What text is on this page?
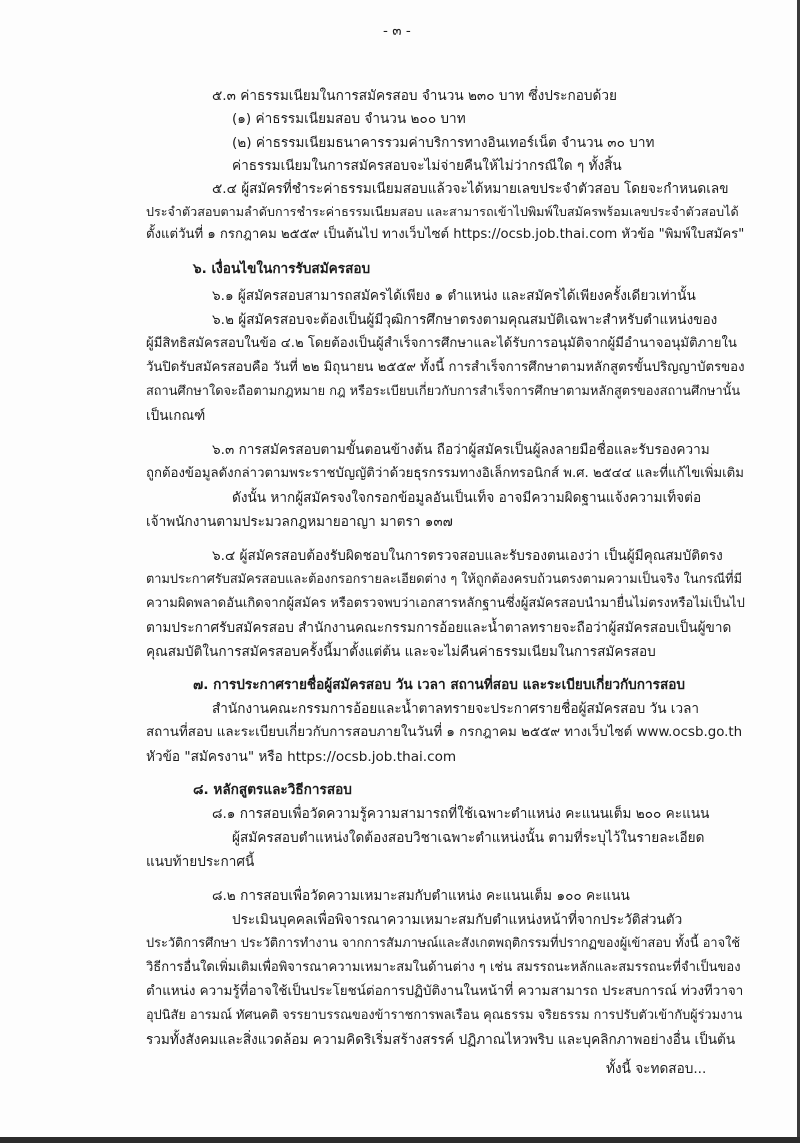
- ๓ -
๕.๓ ค่าธรรมเนียมในการสมัครสอบ จำนวน ๒๓๐ บาท ซึ่งประกอบด้วย
(๑) ค่าธรรมเนียมสอบ จำนวน ๒๐๐ บาท
(๒) ค่าธรรมเนียมธนาคารรวมค่าบริการทางอินเทอร์เน็ต จำนวน ๓๐ บาท
ค่าธรรมเนียมในการสมัครสอบจะไม่จ่ายคืนให้ไม่ว่ากรณีใด ๆ ทั้งสิ้น
๕.๔ ผู้สมัครที่ชำระค่าธรรมเนียมสอบแล้วจะได้หมายเลขประจำตัวสอบ โดยจะกำหนดเลข
ประจำตัวสอบตามลำดับการชำระค่าธรรมเนียมสอบ และสามารถเข้าไปพิมพ์ใบสมัครพร้อมเลขประจำตัวสอบได้
ตั้งแต่วันที่ ๑ กรกฎาคม ๒๕๕๙ เป็นต้นไป ทางเว็บไซต์ https://ocsb.job.thai.com หัวข้อ "พิมพ์ใบสมัคร"
๖. เงื่อนไขในการรับสมัครสอบ
๖.๑ ผู้สมัครสอบสามารถสมัครได้เพียง ๑ ตำแหน่ง และสมัครได้เพียงครั้งเดียวเท่านั้น
๖.๒ ผู้สมัครสอบจะต้องเป็นผู้มีวุฒิการศึกษาตรงตามคุณสมบัติเฉพาะสำหรับตำแหน่งของ
ผู้มีสิทธิสมัครสอบในข้อ ๔.๒ โดยต้องเป็นผู้สำเร็จการศึกษาและได้รับการอนุมัติจากผู้มีอำนาจอนุมัติภายใน
วันปิดรับสมัครสอบคือ วันที่ ๒๒ มิถุนายน ๒๕๕๙ ทั้งนี้ การสำเร็จการศึกษาตามหลักสูตรขั้นปริญญาบัตรของ
สถานศึกษาใดจะถือตามกฎหมาย กฎ หรือระเบียบเกี่ยวกับการสำเร็จการศึกษาตามหลักสูตรของสถานศึกษานั้น
เป็นเกณฑ์
๖.๓ การสมัครสอบตามขั้นตอนข้างต้น ถือว่าผู้สมัครเป็นผู้ลงลายมือชื่อและรับรองความ
ถูกต้องข้อมูลดังกล่าวตามพระราชบัญญัติว่าด้วยธุรกรรมทางอิเล็กทรอนิกส์ พ.ศ. ๒๕๔๔ และที่แก้ไขเพิ่มเติม
ดังนั้น หากผู้สมัครจงใจกรอกข้อมูลอันเป็นเท็จ อาจมีความผิดฐานแจ้งความเท็จต่อ
เจ้าพนักงานตามประมวลกฎหมายอาญา มาตรา ๑๓๗
๖.๔ ผู้สมัครสอบต้องรับผิดชอบในการตรวจสอบและรับรองตนเองว่า เป็นผู้มีคุณสมบัติตรง
ตามประกาศรับสมัครสอบและต้องกรอกรายละเอียดต่าง ๆ ให้ถูกต้องครบถ้วนตรงตามความเป็นจริง ในกรณีที่มี
ความผิดพลาดอันเกิดจากผู้สมัคร หรือตรวจพบว่าเอกสารหลักฐานซึ่งผู้สมัครสอบนำมายื่นไม่ตรงหรือไม่เป็นไป
ตามประกาศรับสมัครสอบ สำนักงานคณะกรรมการอ้อยและน้ำตาลทรายจะถือว่าผู้สมัครสอบเป็นผู้ขาด
คุณสมบัติในการสมัครสอบครั้งนี้มาตั้งแต่ต้น และจะไม่คืนค่าธรรมเนียมในการสมัครสอบ
๗. การประกาศรายชื่อผู้สมัครสอบ วัน เวลา สถานที่สอบ และระเบียบเกี่ยวกับการสอบ
สำนักงานคณะกรรมการอ้อยและน้ำตาลทรายจะประกาศรายชื่อผู้สมัครสอบ วัน เวลา
สถานที่สอบ และระเบียบเกี่ยวกับการสอบภายในวันที่ ๑ กรกฎาคม ๒๕๕๙ ทางเว็บไซต์ www.ocsb.go.th
หัวข้อ "สมัครงาน" หรือ https://ocsb.job.thai.com
๘. หลักสูตรและวิธีการสอบ
๘.๑ การสอบเพื่อวัดความรู้ความสามารถที่ใช้เฉพาะตำแหน่ง คะแนนเต็ม ๒๐๐ คะแนน
ผู้สมัครสอบตำแหน่งใดต้องสอบวิชาเฉพาะตำแหน่งนั้น ตามที่ระบุไว้ในรายละเอียด
แนบท้ายประกาศนี้
๘.๒ การสอบเพื่อวัดความเหมาะสมกับตำแหน่ง คะแนนเต็ม ๑๐๐ คะแนน
ประเมินบุคคลเพื่อพิจารณาความเหมาะสมกับตำแหน่งหน้าที่จากประวัติส่วนตัว
ประวัติการศึกษา ประวัติการทำงาน จากการสัมภาษณ์และสังเกตพฤติกรรมที่ปรากฏของผู้เข้าสอบ ทั้งนี้ อาจใช้
วิธีการอื่นใดเพิ่มเติมเพื่อพิจารณาความเหมาะสมในด้านต่าง ๆ เช่น สมรรถนะหลักและสมรรถนะที่จำเป็นของ
ตำแหน่ง ความรู้ที่อาจใช้เป็นประโยชน์ต่อการปฏิบัติงานในหน้าที่ ความสามารถ ประสบการณ์ ท่วงทีวาจา
อุปนิสัย อารมณ์ ทัศนคติ จรรยาบรรณของข้าราชการพลเรือน คุณธรรม จริยธรรม การปรับตัวเข้ากับผู้ร่วมงาน
รวมทั้งสังคมและสิ่งแวดล้อม ความคิดริเริ่มสร้างสรรค์ ปฏิภาณไหวพริบ และบุคลิกภาพอย่างอื่น เป็นต้น
ทั้งนี้ จะทดสอบ...
